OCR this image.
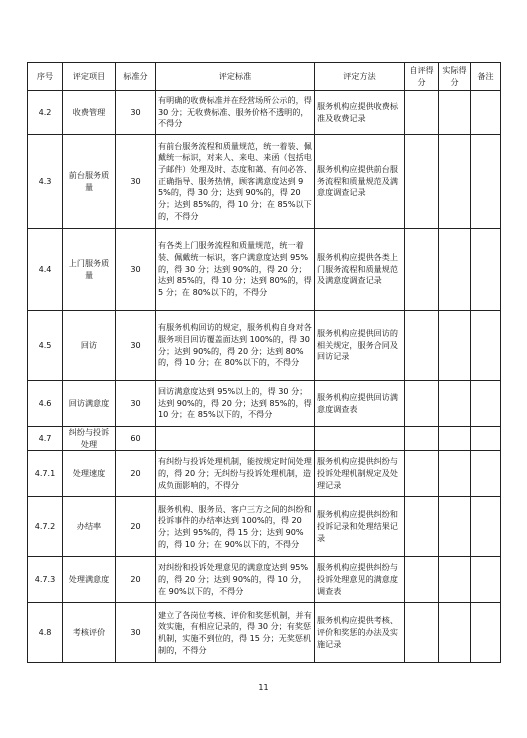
序号	评定项目	标准分	评定标准	评定方法	自评得分	实际得分	备注
4.2	收费管理	30	有明确的收费标准并在经营场所公示的，得 30 分；无收费标准、服务价格不透明的，不得分	服务机构应提供收费标准及收费记录			
4.3	前台服务质量	30	有前台服务流程和质量规范，统一着装、佩戴统一标识，对来人、来电、来函（包括电子邮件）处理及时、态度和蔼、有问必答、正确指导、服务热情，顾客满意度达到 95%的，得 30 分；达到 90%的，得 20 分；达到 85%的，得 10 分；在 85%以下的，不得分	服务机构应提供前台服务流程和质量规范及满意度调查记录			
4.4	上门服务质量	30	有各类上门服务流程和质量规范，统一着装、佩戴统一标识，客户满意度达到 95%的，得 30 分；达到 90%的，得 20 分；达到 85%的，得 10 分；达到 80%的，得 5 分；在 80%以下的，不得分	服务机构应提供各类上门服务流程和质量规范及满意度调查记录			
4.5	回访	30	有服务机构回访的规定，服务机构自身对各服务项目回访覆盖面达到 100%的，得 30 分；达到 90%的，得 20 分；达到 80%的，得 10 分；在 80%以下的，不得分	服务机构应提供回访的相关规定，服务合同及回访记录			
4.6	回访满意度	30	回访满意度达到 95%以上的，得 30 分；达到 90%的，得 20 分；达到 85%的，得 10 分；在 85%以下的，不得分	服务机构应提供回访满意度调查表			
4.7	纠纷与投诉处理	60					
4.7.1	处理速度	20	有纠纷与投诉处理机制，能按规定时间处理的，得 20 分；无纠纷与投诉处理机制，造成负面影响的，不得分	服务机构应提供纠纷与投诉处理机制规定及处理记录			
4.7.2	办结率	20	服务机构、服务员、客户三方之间的纠纷和投诉事件的办结率达到 100%的，得 20 分；达到 95%的，得 15 分；达到 90%的，得 10 分；在 90%以下的，不得分	服务机构应提供纠纷和投诉记录和处理结果记录			
4.7.3	处理满意度	20	对纠纷和投诉处理意见的满意度达到 95%的，得 20 分；达到 90%的，得 10 分，在 90%以下的，不得分	服务机构应提供纠纷与投诉处理意见的满意度调查表			
4.8	考核评价	30	建立了各岗位考核、评价和奖惩机制，并有效实施，有相应记录的，得 30 分；有奖惩机制，实施不到位的，得 15 分；无奖惩机制的，不得分	服务机构应提供考核、评价和奖惩的办法及实施记录			
11
